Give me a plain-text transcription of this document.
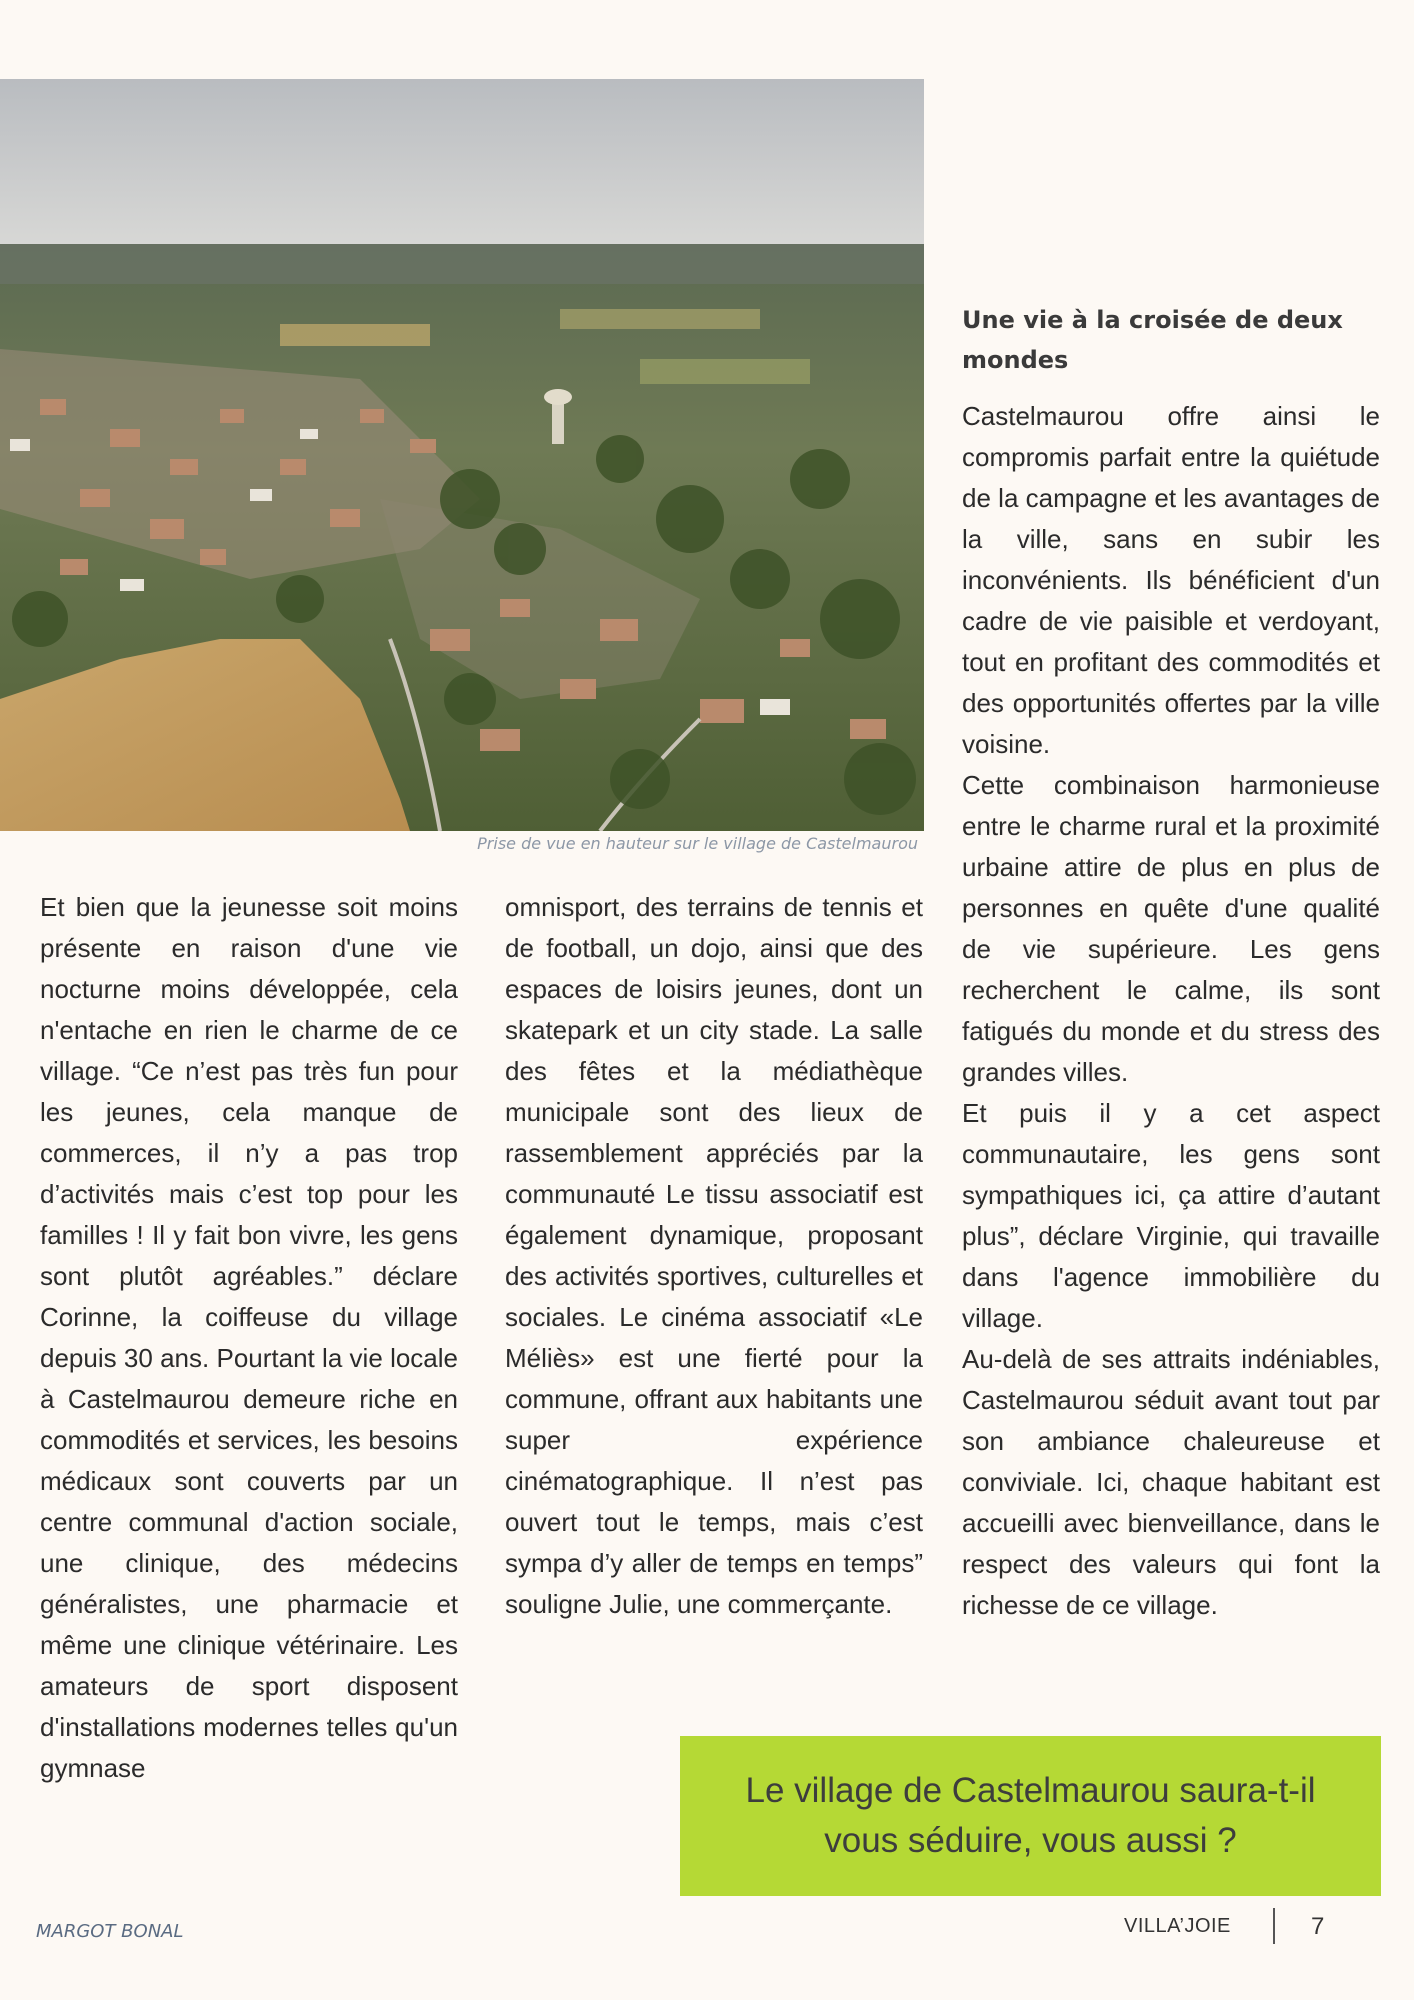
Prise de vue en hauteur sur le village de Castelmaurou

Et bien que la jeunesse soit moins présente en raison d'une vie nocturne moins développée, cela n'entache en rien le charme de ce village. “Ce n’est pas très fun pour les jeunes, cela manque de commerces, il n’y a pas trop d’activités mais c’est top pour les familles ! Il y fait bon vivre, les gens sont plutôt agréables.” déclare Corinne, la coiffeuse du village depuis 30 ans. Pourtant la vie locale à Castelmaurou demeure riche en commodités et services, les besoins médicaux sont couverts par un centre communal d'action sociale, une clinique, des médecins généralistes, une pharmacie et même une clinique vétérinaire. Les amateurs de sport disposent d'installations modernes telles qu'un gymnase

omnisport, des terrains de tennis et de football, un dojo, ainsi que des espaces de loisirs jeunes, dont un skatepark et un city stade. La salle des fêtes et la médiathèque municipale sont des lieux de rassemblement appréciés par la communauté Le tissu associatif est également dynamique, proposant des activités sportives, culturelles et sociales. Le cinéma associatif «Le Méliès» est une fierté pour la commune, offrant aux habitants une super expérience cinématographique. Il n’est pas ouvert tout le temps, mais c’est sympa d’y aller de temps en temps” souligne Julie, une commerçante.

Une vie à la croisée de deux mondes

Castelmaurou offre ainsi le compromis parfait entre la quiétude de la campagne et les avantages de la ville, sans en subir les inconvénients. Ils bénéficient d'un cadre de vie paisible et verdoyant, tout en profitant des commodités et des opportunités offertes par la ville voisine.

Cette combinaison harmonieuse entre le charme rural et la proximité urbaine attire de plus en plus de personnes en quête d'une qualité de vie supérieure. Les gens recherchent le calme, ils sont fatigués du monde et du stress des grandes villes.

Et puis il y a cet aspect communautaire, les gens sont sympathiques ici, ça attire d’autant plus”, déclare Virginie, qui travaille dans l'agence immobilière du village.

Au-delà de ses attraits indéniables, Castelmaurou séduit avant tout par son ambiance chaleureuse et conviviale. Ici, chaque habitant est accueilli avec bienveillance, dans le respect des valeurs qui font la richesse de ce village.

Le village de Castelmaurou saura-t-il vous séduire, vous aussi ?
MARGOT BONAL	VILLA’JOIE	7
